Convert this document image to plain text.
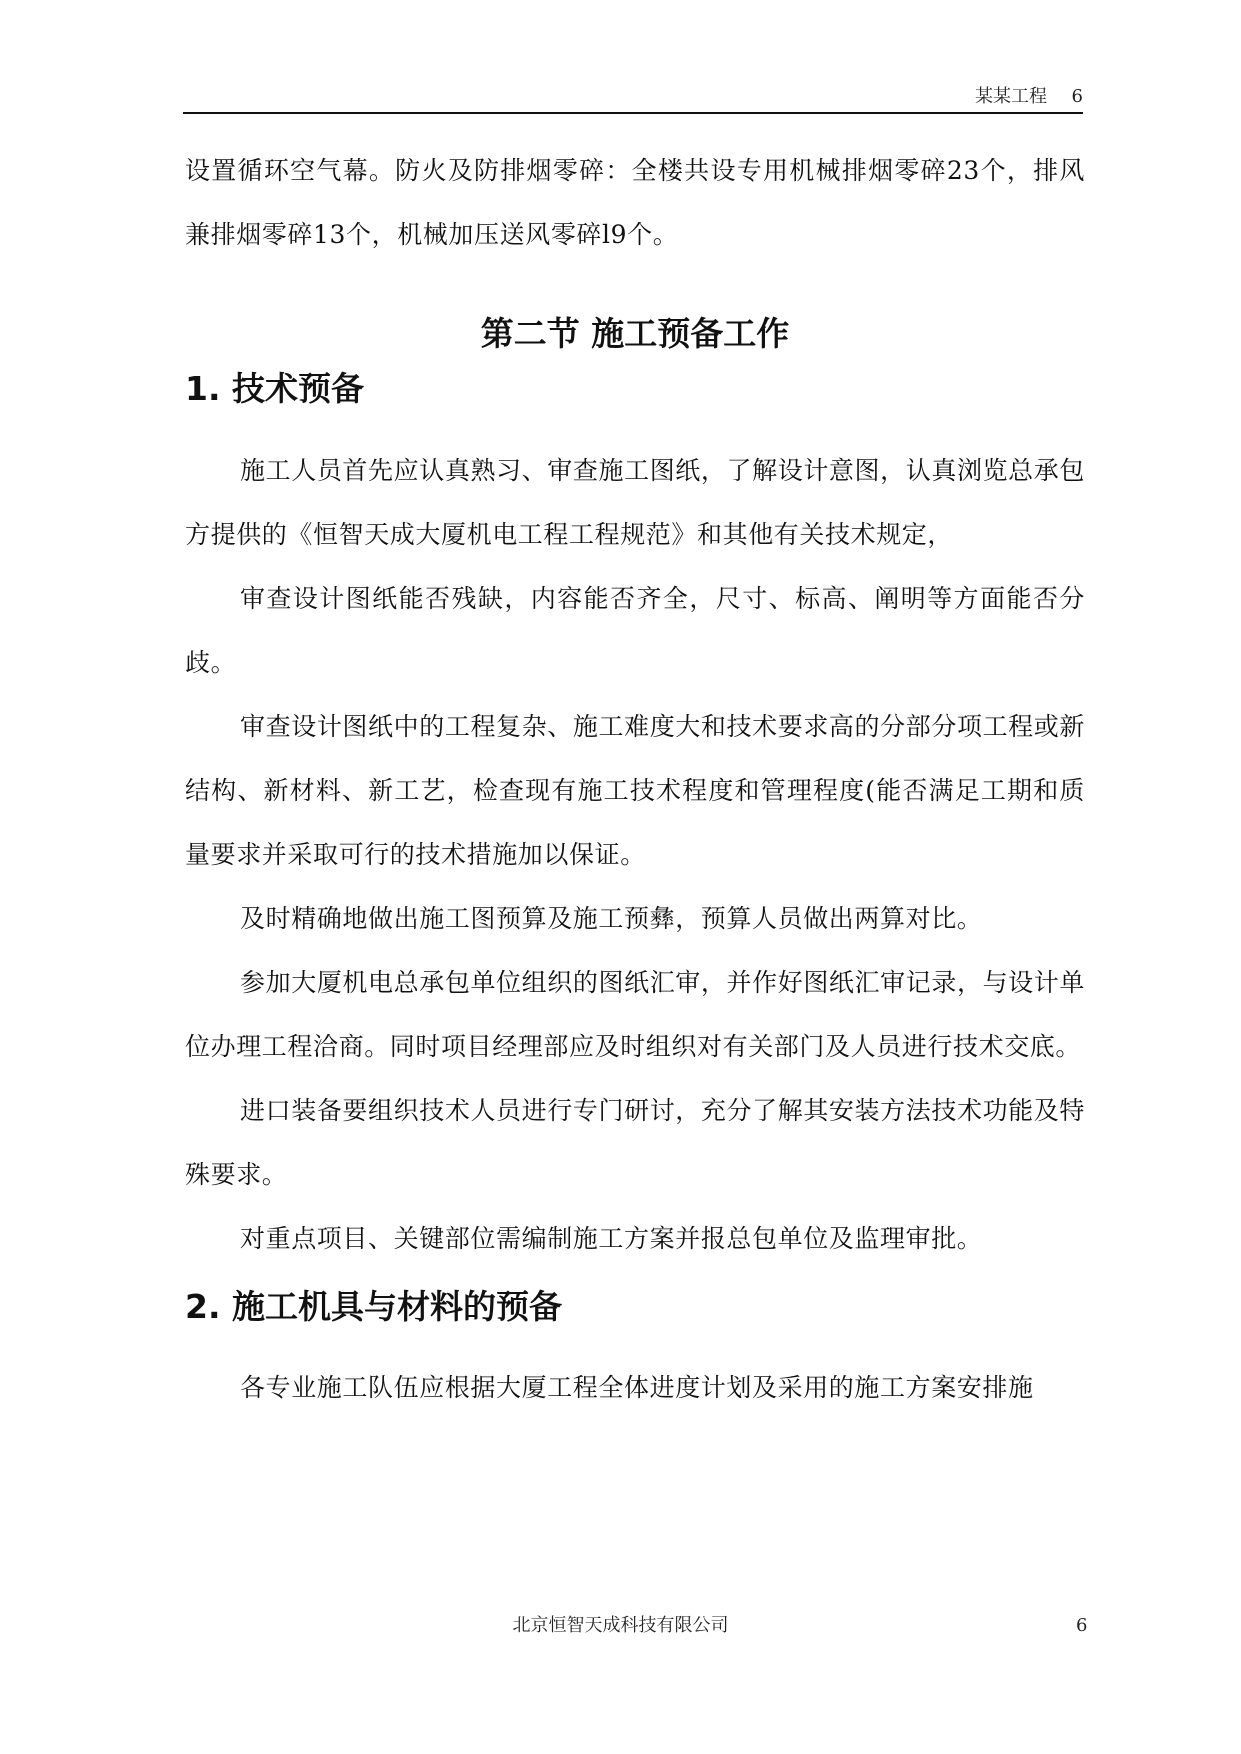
某某工程 6

设置循环空气幕。防火及防排烟零碎：全楼共设专用机械排烟零碎23个，排风兼排烟零碎13个，机械加压送风零碎l9个。

第二节 施工预备工作
1. 技术预备

施工人员首先应认真熟习、审查施工图纸，了解设计意图，认真浏览总承包方提供的《恒智天成大厦机电工程工程规范》和其他有关技术规定，

审查设计图纸能否残缺，内容能否齐全，尺寸、标高、阐明等方面能否分歧。

审查设计图纸中的工程复杂、施工难度大和技术要求高的分部分项工程或新结构、新材料、新工艺，检查现有施工技术程度和管理程度(能否满足工期和质量要求并采取可行的技术措施加以保证。

及时精确地做出施工图预算及施工预彝，预算人员做出两算对比。

参加大厦机电总承包单位组织的图纸汇审，并作好图纸汇审记录，与设计单位办理工程洽商。同时项目经理部应及时组织对有关部门及人员进行技术交底。

进口装备要组织技术人员进行专门研讨，充分了解其安装方法技术功能及特殊要求。

对重点项目、关键部位需编制施工方案并报总包单位及监理审批。

2. 施工机具与材料的预备

各专业施工队伍应根据大厦工程全体进度计划及采用的施工方案安排施

北京恒智天成科技有限公司	6
